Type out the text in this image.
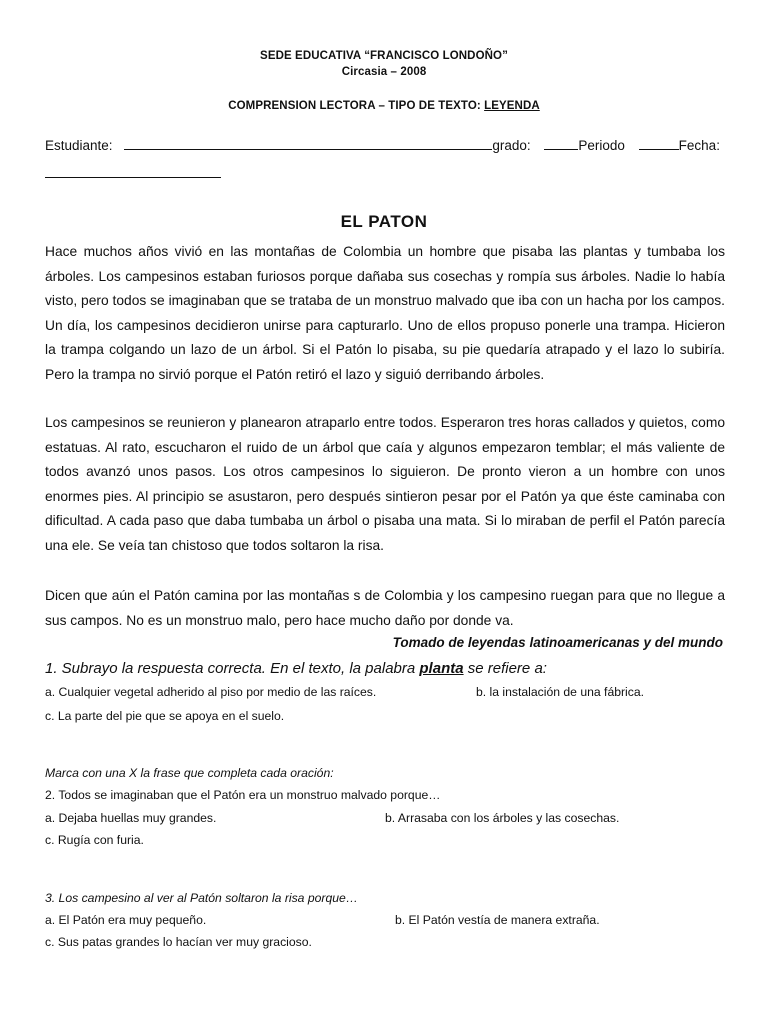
SEDE EDUCATIVA “FRANCISCO LONDOÑO”
Circasia – 2008
COMPRENSION LECTORA – TIPO DE TEXTO: LEYENDA
Estudiante:	grado:	Periodo	Fecha:
EL PATON

Hace muchos años vivió en las montañas de Colombia un hombre que pisaba las plantas y tumbaba los árboles. Los campesinos estaban furiosos porque dañaba sus cosechas y rompía sus árboles. Nadie lo había visto, pero todos se imaginaban que se trataba de un monstruo malvado que iba con un hacha por los campos. Un día, los campesinos decidieron unirse para capturarlo. Uno de ellos propuso ponerle una trampa. Hicieron la trampa colgando un lazo de un árbol. Si el Patón lo pisaba, su pie quedaría atrapado y el lazo lo subiría. Pero la trampa no sirvió porque el Patón retiró el lazo y siguió derribando árboles.

Los campesinos se reunieron y planearon atraparlo entre todos. Esperaron tres horas callados y quietos, como estatuas. Al rato, escucharon el ruido de un árbol que caía y algunos empezaron temblar; el más valiente de todos avanzó unos pasos. Los otros campesinos lo siguieron. De pronto vieron a un hombre con unos enormes pies. Al principio se asustaron, pero después sintieron pesar por el Patón ya que éste caminaba con dificultad. A cada paso que daba tumbaba un árbol o pisaba una mata. Si lo miraban de perfil el Patón parecía una ele. Se veía tan chistoso que todos soltaron la risa.

Dicen que aún el Patón camina por las montañas s de Colombia y los campesino ruegan para que no llegue a sus campos. No es un monstruo malo, pero hace mucho daño por donde va.

Tomado de leyendas latinoamericanas y del mundo
1. Subrayo la respuesta correcta. En el texto, la palabra planta se refiere a:
a. Cualquier vegetal adherido al piso por medio de las raíces.	b. la instalación de una fábrica.
c. La parte del pie que se apoya en el suelo.
Marca con una X la frase que completa cada oración:
2. Todos se imaginaban que el Patón era un monstruo malvado porque…
a. Dejaba huellas muy grandes.	b. Arrasaba con los árboles y las cosechas.
c. Rugía con furia.
3. Los campesino al ver al Patón soltaron la risa porque…
a. El Patón era muy pequeño.	b. El Patón vestía de manera extraña.
c. Sus patas grandes lo hacían ver muy gracioso.
